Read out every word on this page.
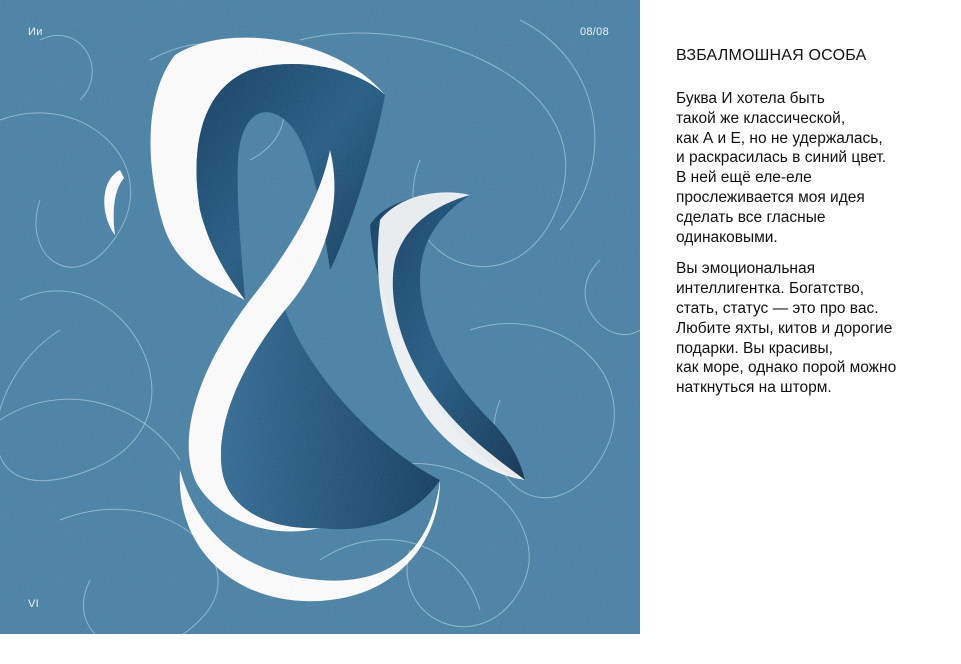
Ии	08/08
VI
ВЗБАЛМОШНАЯ ОСОБА

Буква И хотела быть
такой же классической,
как А и Е, но не удержалась,
и раскрасилась в синий цвет.
В ней ещё еле-еле
прослеживается моя идея
сделать все гласные
одинаковыми.

Вы эмоциональная
интеллигентка. Богатство,
стать, статус — это про вас.
Любите яхты, китов и дорогие
подарки. Вы красивы,
как море, однако порой можно
наткнуться на шторм.
